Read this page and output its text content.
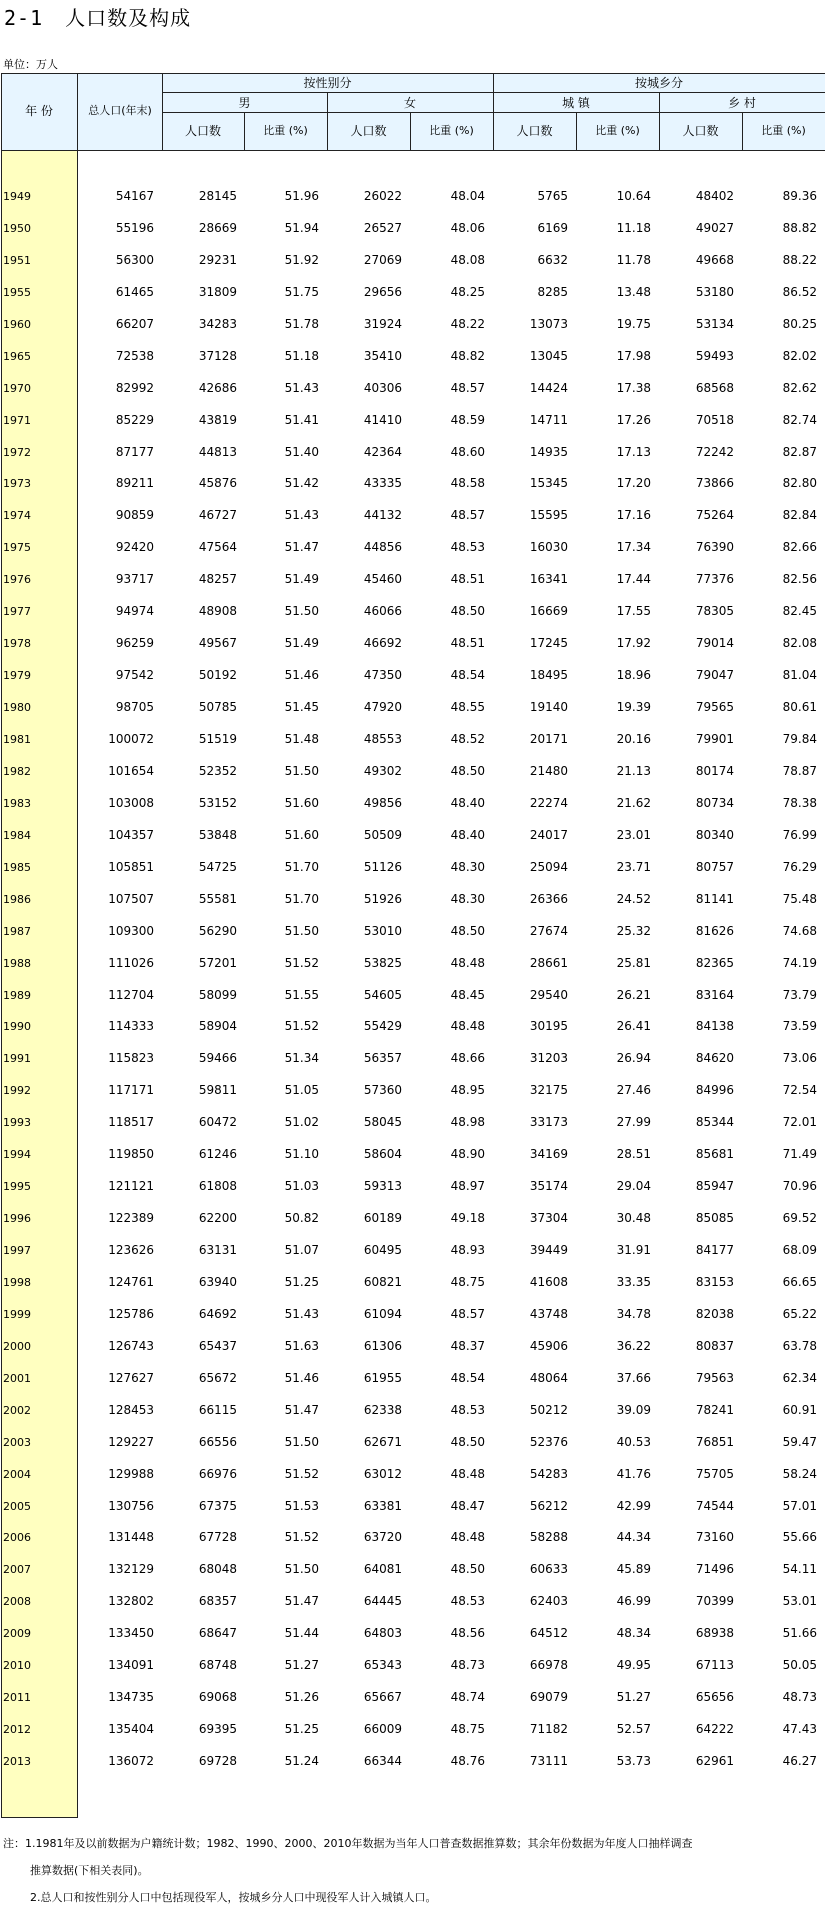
2-1 人口数及构成
单位：万人
年 份	总人口(年末)
按性别分	按城乡分
男	女	城 镇	乡 村
人口数	比重 (%)	人口数	比重 (%)	人口数	比重 (%)	人口数	比重 (%)
1949	54167	28145	51.96	26022	48.04	5765	10.64	48402	89.36
1950	55196	28669	51.94	26527	48.06	6169	11.18	49027	88.82
1951	56300	29231	51.92	27069	48.08	6632	11.78	49668	88.22
1955	61465	31809	51.75	29656	48.25	8285	13.48	53180	86.52
1960	66207	34283	51.78	31924	48.22	13073	19.75	53134	80.25
1965	72538	37128	51.18	35410	48.82	13045	17.98	59493	82.02
1970	82992	42686	51.43	40306	48.57	14424	17.38	68568	82.62
1971	85229	43819	51.41	41410	48.59	14711	17.26	70518	82.74
1972	87177	44813	51.40	42364	48.60	14935	17.13	72242	82.87
1973	89211	45876	51.42	43335	48.58	15345	17.20	73866	82.80
1974	90859	46727	51.43	44132	48.57	15595	17.16	75264	82.84
1975	92420	47564	51.47	44856	48.53	16030	17.34	76390	82.66
1976	93717	48257	51.49	45460	48.51	16341	17.44	77376	82.56
1977	94974	48908	51.50	46066	48.50	16669	17.55	78305	82.45
1978	96259	49567	51.49	46692	48.51	17245	17.92	79014	82.08
1979	97542	50192	51.46	47350	48.54	18495	18.96	79047	81.04
1980	98705	50785	51.45	47920	48.55	19140	19.39	79565	80.61
1981	100072	51519	51.48	48553	48.52	20171	20.16	79901	79.84
1982	101654	52352	51.50	49302	48.50	21480	21.13	80174	78.87
1983	103008	53152	51.60	49856	48.40	22274	21.62	80734	78.38
1984	104357	53848	51.60	50509	48.40	24017	23.01	80340	76.99
1985	105851	54725	51.70	51126	48.30	25094	23.71	80757	76.29
1986	107507	55581	51.70	51926	48.30	26366	24.52	81141	75.48
1987	109300	56290	51.50	53010	48.50	27674	25.32	81626	74.68
1988	111026	57201	51.52	53825	48.48	28661	25.81	82365	74.19
1989	112704	58099	51.55	54605	48.45	29540	26.21	83164	73.79
1990	114333	58904	51.52	55429	48.48	30195	26.41	84138	73.59
1991	115823	59466	51.34	56357	48.66	31203	26.94	84620	73.06
1992	117171	59811	51.05	57360	48.95	32175	27.46	84996	72.54
1993	118517	60472	51.02	58045	48.98	33173	27.99	85344	72.01
1994	119850	61246	51.10	58604	48.90	34169	28.51	85681	71.49
1995	121121	61808	51.03	59313	48.97	35174	29.04	85947	70.96
1996	122389	62200	50.82	60189	49.18	37304	30.48	85085	69.52
1997	123626	63131	51.07	60495	48.93	39449	31.91	84177	68.09
1998	124761	63940	51.25	60821	48.75	41608	33.35	83153	66.65
1999	125786	64692	51.43	61094	48.57	43748	34.78	82038	65.22
2000	126743	65437	51.63	61306	48.37	45906	36.22	80837	63.78
2001	127627	65672	51.46	61955	48.54	48064	37.66	79563	62.34
2002	128453	66115	51.47	62338	48.53	50212	39.09	78241	60.91
2003	129227	66556	51.50	62671	48.50	52376	40.53	76851	59.47
2004	129988	66976	51.52	63012	48.48	54283	41.76	75705	58.24
2005	130756	67375	51.53	63381	48.47	56212	42.99	74544	57.01
2006	131448	67728	51.52	63720	48.48	58288	44.34	73160	55.66
2007	132129	68048	51.50	64081	48.50	60633	45.89	71496	54.11
2008	132802	68357	51.47	64445	48.53	62403	46.99	70399	53.01
2009	133450	68647	51.44	64803	48.56	64512	48.34	68938	51.66
2010	134091	68748	51.27	65343	48.73	66978	49.95	67113	50.05
2011	134735	69068	51.26	65667	48.74	69079	51.27	65656	48.73
2012	135404	69395	51.25	66009	48.75	71182	52.57	64222	47.43
2013	136072	69728	51.24	66344	48.76	73111	53.73	62961	46.27
注：1.1981年及以前数据为户籍统计数；1982、1990、2000、2010年数据为当年人口普查数据推算数；其余年份数据为年度人口抽样调查
推算数据(下相关表同)。
2.总人口和按性别分人口中包括现役军人，按城乡分人口中现役军人计入城镇人口。
